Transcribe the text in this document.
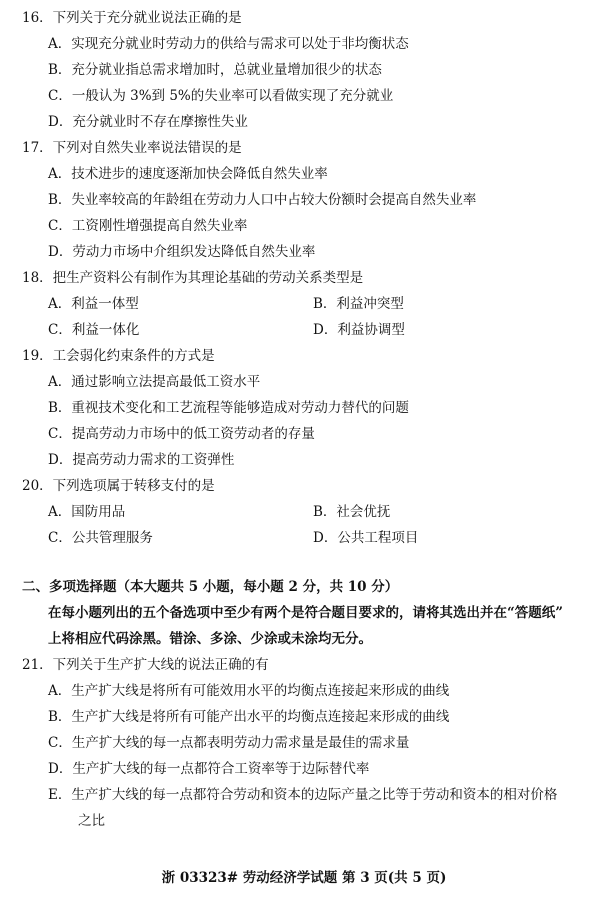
16．下列关于充分就业说法正确的是
A．实现充分就业时劳动力的供给与需求可以处于非均衡状态
B．充分就业指总需求增加时，总就业量增加很少的状态
C．一般认为 3%到 5%的失业率可以看做实现了充分就业
D．充分就业时不存在摩擦性失业
17．下列对自然失业率说法错误的是
A．技术进步的速度逐渐加快会降低自然失业率
B．失业率较高的年龄组在劳动力人口中占较大份额时会提高自然失业率
C．工资刚性增强提高自然失业率
D．劳动力市场中介组织发达降低自然失业率
18．把生产资料公有制作为其理论基础的劳动关系类型是
A．利益一体型	B．利益冲突型
C．利益一体化	D．利益协调型
19．工会弱化约束条件的方式是
A．通过影响立法提高最低工资水平
B．重视技术变化和工艺流程等能够造成对劳动力替代的问题
C．提高劳动力市场中的低工资劳动者的存量
D．提高劳动力需求的工资弹性
20．下列选项属于转移支付的是
A．国防用品	B．社会优抚
C．公共管理服务	D．公共工程项目
二、多项选择题（本大题共 5 小题，每小题 2 分，共 10 分）
在每小题列出的五个备选项中至少有两个是符合题目要求的，请将其选出并在“答题纸”
上将相应代码涂黑。错涂、多涂、少涂或未涂均无分。
21．下列关于生产扩大线的说法正确的有
A．生产扩大线是将所有可能效用水平的均衡点连接起来形成的曲线
B．生产扩大线是将所有可能产出水平的均衡点连接起来形成的曲线
C．生产扩大线的每一点都表明劳动力需求量是最佳的需求量
D．生产扩大线的每一点都符合工资率等于边际替代率
E．生产扩大线的每一点都符合劳动和资本的边际产量之比等于劳动和资本的相对价格
之比
浙 03323# 劳动经济学试题 第 3 页(共 5 页)
